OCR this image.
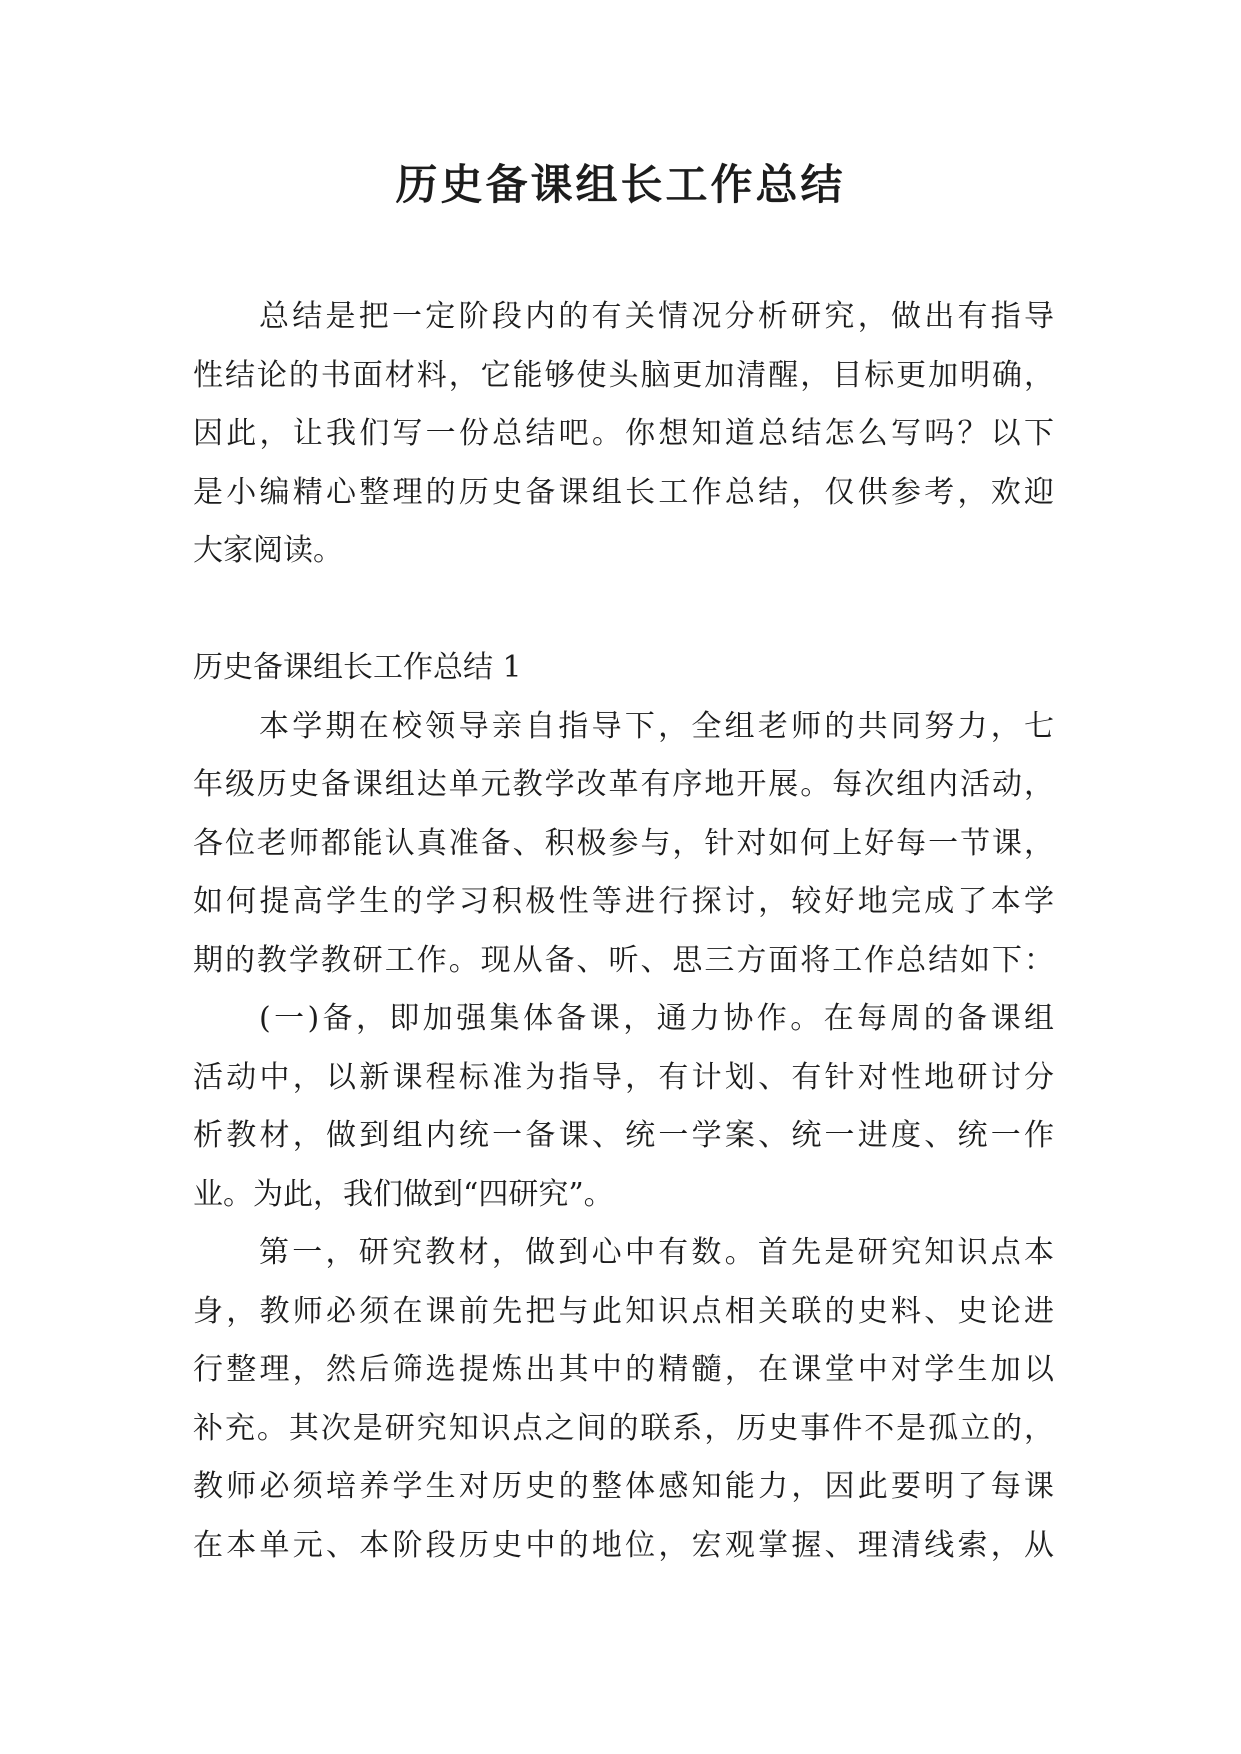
历史备课组长工作总结

总结是把一定阶段内的有关情况分析研究，做出有指导
性结论的书面材料，它能够使头脑更加清醒，目标更加明确，
因此，让我们写一份总结吧。你想知道总结怎么写吗？以下
是小编精心整理的历史备课组长工作总结，仅供参考，欢迎
大家阅读。

历史备课组长工作总结 1

本学期在校领导亲自指导下，全组老师的共同努力，七
年级历史备课组达单元教学改革有序地开展。每次组内活动，
各位老师都能认真准备、积极参与，针对如何上好每一节课，
如何提高学生的学习积极性等进行探讨，较好地完成了本学
期的教学教研工作。现从备、听、思三方面将工作总结如下：

(一)备，即加强集体备课，通力协作。在每周的备课组
活动中，以新课程标准为指导，有计划、有针对性地研讨分
析教材，做到组内统一备课、统一学案、统一进度、统一作
业。为此，我们做到“四研究”。

第一，研究教材，做到心中有数。首先是研究知识点本
身，教师必须在课前先把与此知识点相关联的史料、史论进
行整理，然后筛选提炼出其中的精髓，在课堂中对学生加以
补充。其次是研究知识点之间的联系，历史事件不是孤立的，
教师必须培养学生对历史的整体感知能力，因此要明了每课
在本单元、本阶段历史中的地位，宏观掌握、理清线索，从
